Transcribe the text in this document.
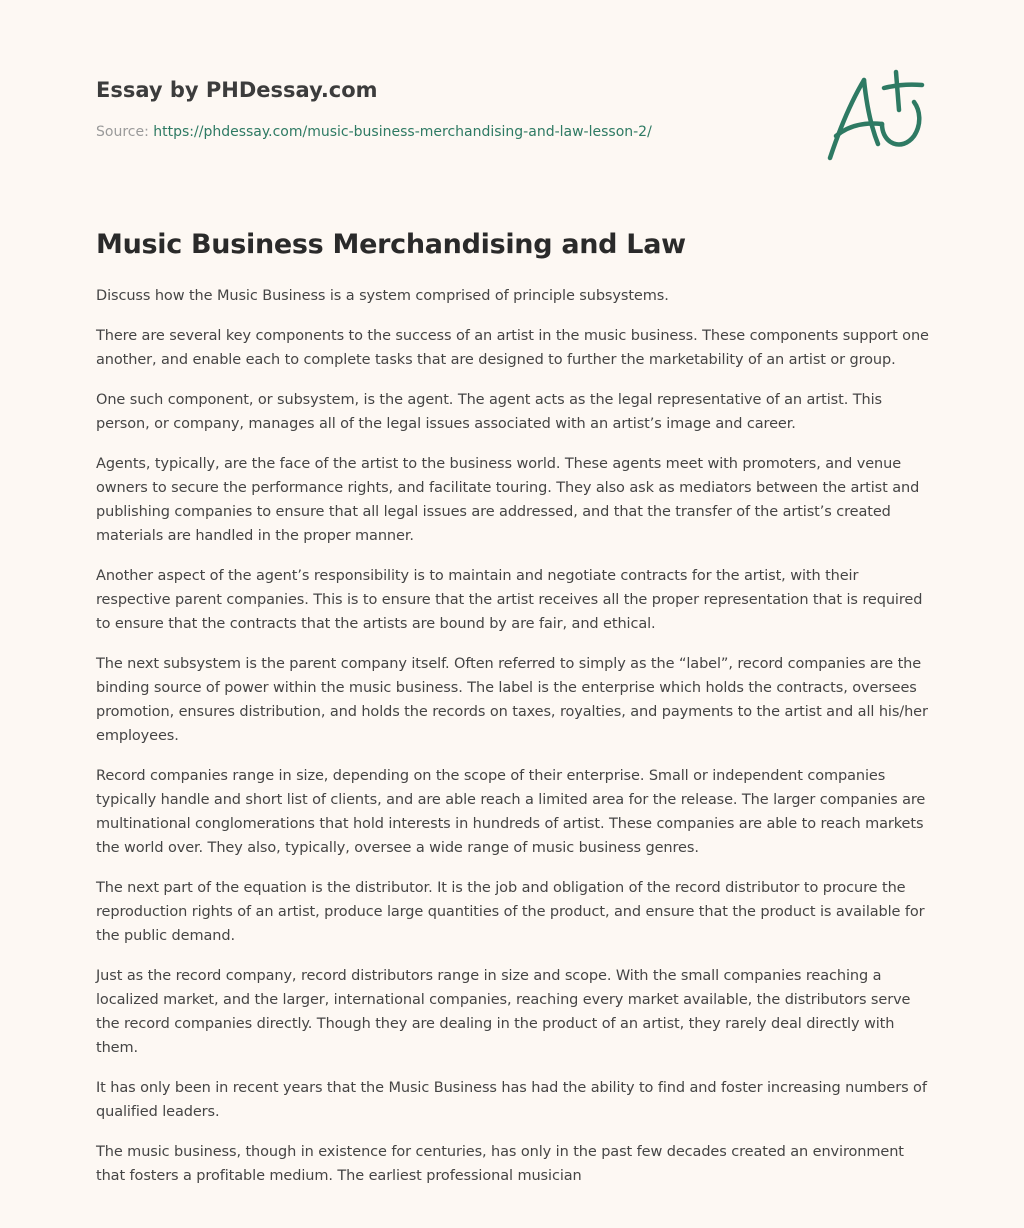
Essay by PHDessay.com
Source: https://phdessay.com/music-business-merchandising-and-law-lesson-2/
Music Business Merchandising and Law

Discuss how the Music Business is a system comprised of principle subsystems.

There are several key components to the success of an artist in the music business. These components support one another, and enable each to complete tasks that are designed to further the marketability of an artist or group.

One such component, or subsystem, is the agent. The agent acts as the legal representative of an artist. This person, or company, manages all of the legal issues associated with an artist’s image and career.

Agents, typically, are the face of the artist to the business world. These agents meet with promoters, and venue owners to secure the performance rights, and facilitate touring. They also ask as mediators between the artist and publishing companies to ensure that all legal issues are addressed, and that the transfer of the artist’s created materials are handled in the proper manner.

Another aspect of the agent’s responsibility is to maintain and negotiate contracts for the artist, with their respective parent companies. This is to ensure that the artist receives all the proper representation that is required to ensure that the contracts that the artists are bound by are fair, and ethical.

The next subsystem is the parent company itself. Often referred to simply as the “label”, record companies are the binding source of power within the music business. The label is the enterprise which holds the contracts, oversees promotion, ensures distribution, and holds the records on taxes, royalties, and payments to the artist and all his/her employees.

Record companies range in size, depending on the scope of their enterprise. Small or independent companies typically handle and short list of clients, and are able reach a limited area for the release. The larger companies are multinational conglomerations that hold interests in hundreds of artist. These companies are able to reach markets the world over. They also, typically, oversee a wide range of music business genres.

The next part of the equation is the distributor. It is the job and obligation of the record distributor to procure the reproduction rights of an artist, produce large quantities of the product, and ensure that the product is available for the public demand.

Just as the record company, record distributors range in size and scope. With the small companies reaching a localized market, and the larger, international companies, reaching every market available, the distributors serve the record companies directly. Though they are dealing in the product of an artist, they rarely deal directly with them.

It has only been in recent years that the Music Business has had the ability to find and foster increasing numbers of qualified leaders.

The music business, though in existence for centuries, has only in the past few decades created an environment that fosters a profitable medium. The earliest professional musician
